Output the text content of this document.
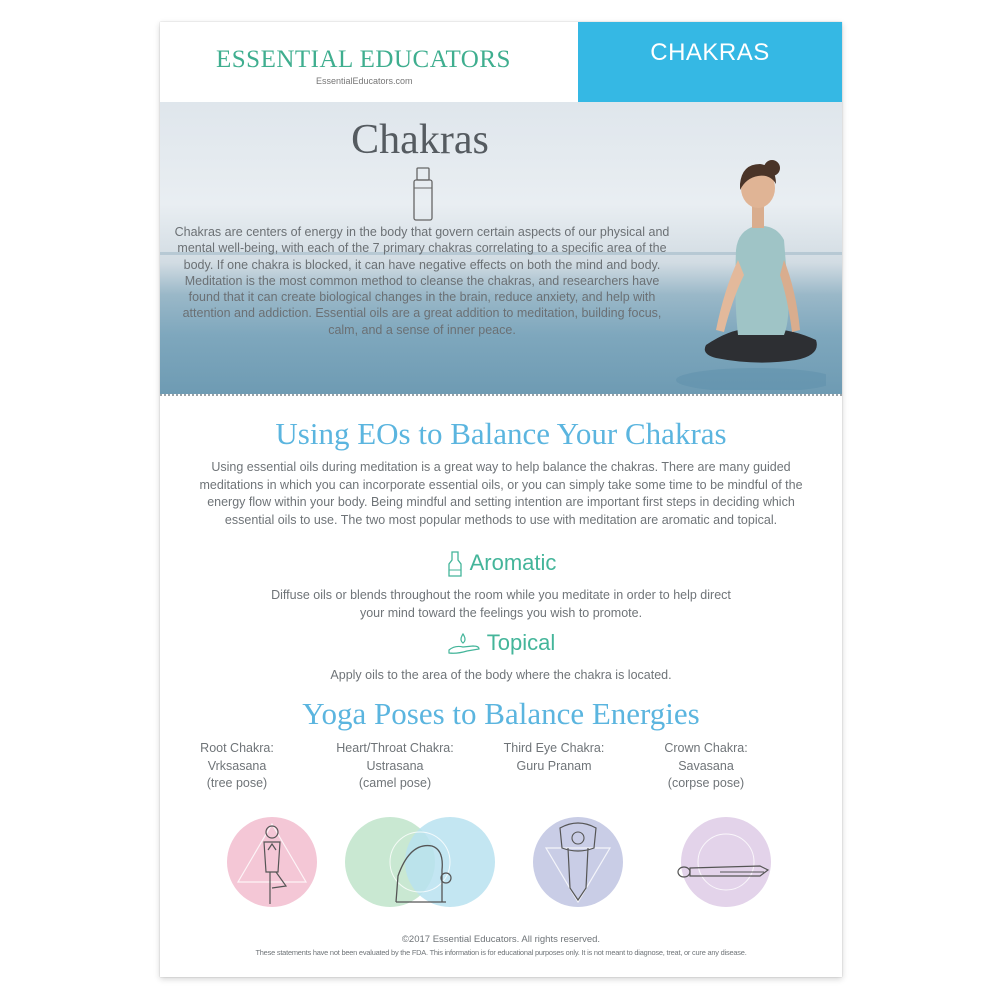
ESSENTIAL EDUCATORS
EssentialEducators.com
CHAKRAS
Chakras
Chakras are centers of energy in the body that govern certain aspects of our physical and mental well-being, with each of the 7 primary chakras correlating to a specific area of the body. If one chakra is blocked, it can have negative effects on both the mind and body. Meditation is the most common method to cleanse the chakras, and researchers have found that it can create biological changes in the brain, reduce anxiety, and help with attention and addiction. Essential oils are a great addition to meditation, building focus, calm, and a sense of inner peace.
Using EOs to Balance Your Chakras
Using essential oils during meditation is a great way to help balance the chakras. There are many guided meditations in which you can incorporate essential oils, or you can simply take some time to be mindful of the energy flow within your body. Being mindful and setting intention are important first steps in deciding which essential oils to use. The two most popular methods to use with meditation are aromatic and topical.
Aromatic
Diffuse oils or blends throughout the room while you meditate in order to help direct your mind toward the feelings you wish to promote.
Topical
Apply oils to the area of the body where the chakra is located.
Yoga Poses to Balance Energies
Root Chakra:
Vrksasana
(tree pose)
Heart/Throat Chakra:
Ustrasana
(camel pose)
Third Eye Chakra:
Guru Pranam
Crown Chakra:
Savasana
(corpse pose)
©2017 Essential Educators. All rights reserved.
These statements have not been evaluated by the FDA. This information is for educational purposes only. It is not meant to diagnose, treat, or cure any disease.
